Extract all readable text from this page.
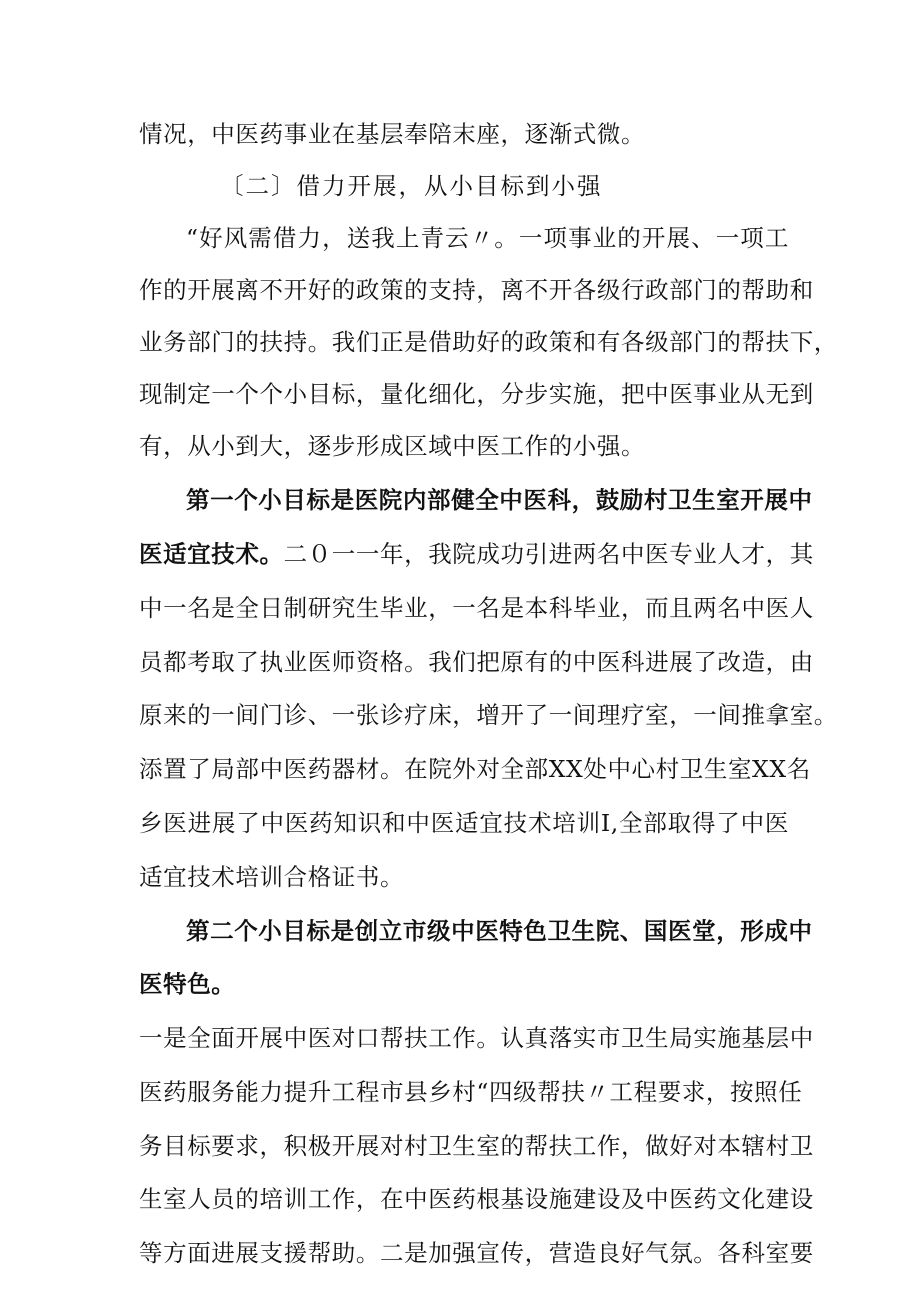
情况，中医药事业在基层奉陪末座，逐渐式微。
〔二〕借力开展，从小目标到小强
“好风需借力，送我上青云〃。一项事业的开展、一项工
作的开展离不开好的政策的支持，离不开各级行政部门的帮助和
业务部门的扶持。我们正是借助好的政策和有各级部门的帮扶下，
现制定一个个小目标，量化细化，分步实施，把中医事业从无到
有，从小到大，逐步形成区域中医工作的小强。
第一个小目标是医院内部健全中医科，鼓励村卫生室开展中
医适宜技术。二０一一年，我院成功引进两名中医专业人才，其
中一名是全日制研究生毕业，一名是本科毕业，而且两名中医人
员都考取了执业医师资格。我们把原有的中医科进展了改造，由
原来的一间门诊、一张诊疗床，增开了一间理疗室，一间推拿室。
添置了局部中医药器材。在院外对全部XX处中心村卫生室XX名
乡医进展了中医药知识和中医适宜技术培训I,全部取得了中医
适宜技术培训合格证书。
第二个小目标是创立市级中医特色卫生院、国医堂，形成中
医特色。
一是全面开展中医对口帮扶工作。认真落实市卫生局实施基层中
医药服务能力提升工程市县乡村“四级帮扶〃工程要求，按照任
务目标要求，积极开展对村卫生室的帮扶工作，做好对本辖村卫
生室人员的培训工作，在中医药根基设施建设及中医药文化建设
等方面进展支援帮助。二是加强宣传，营造良好气氛。各科室要
